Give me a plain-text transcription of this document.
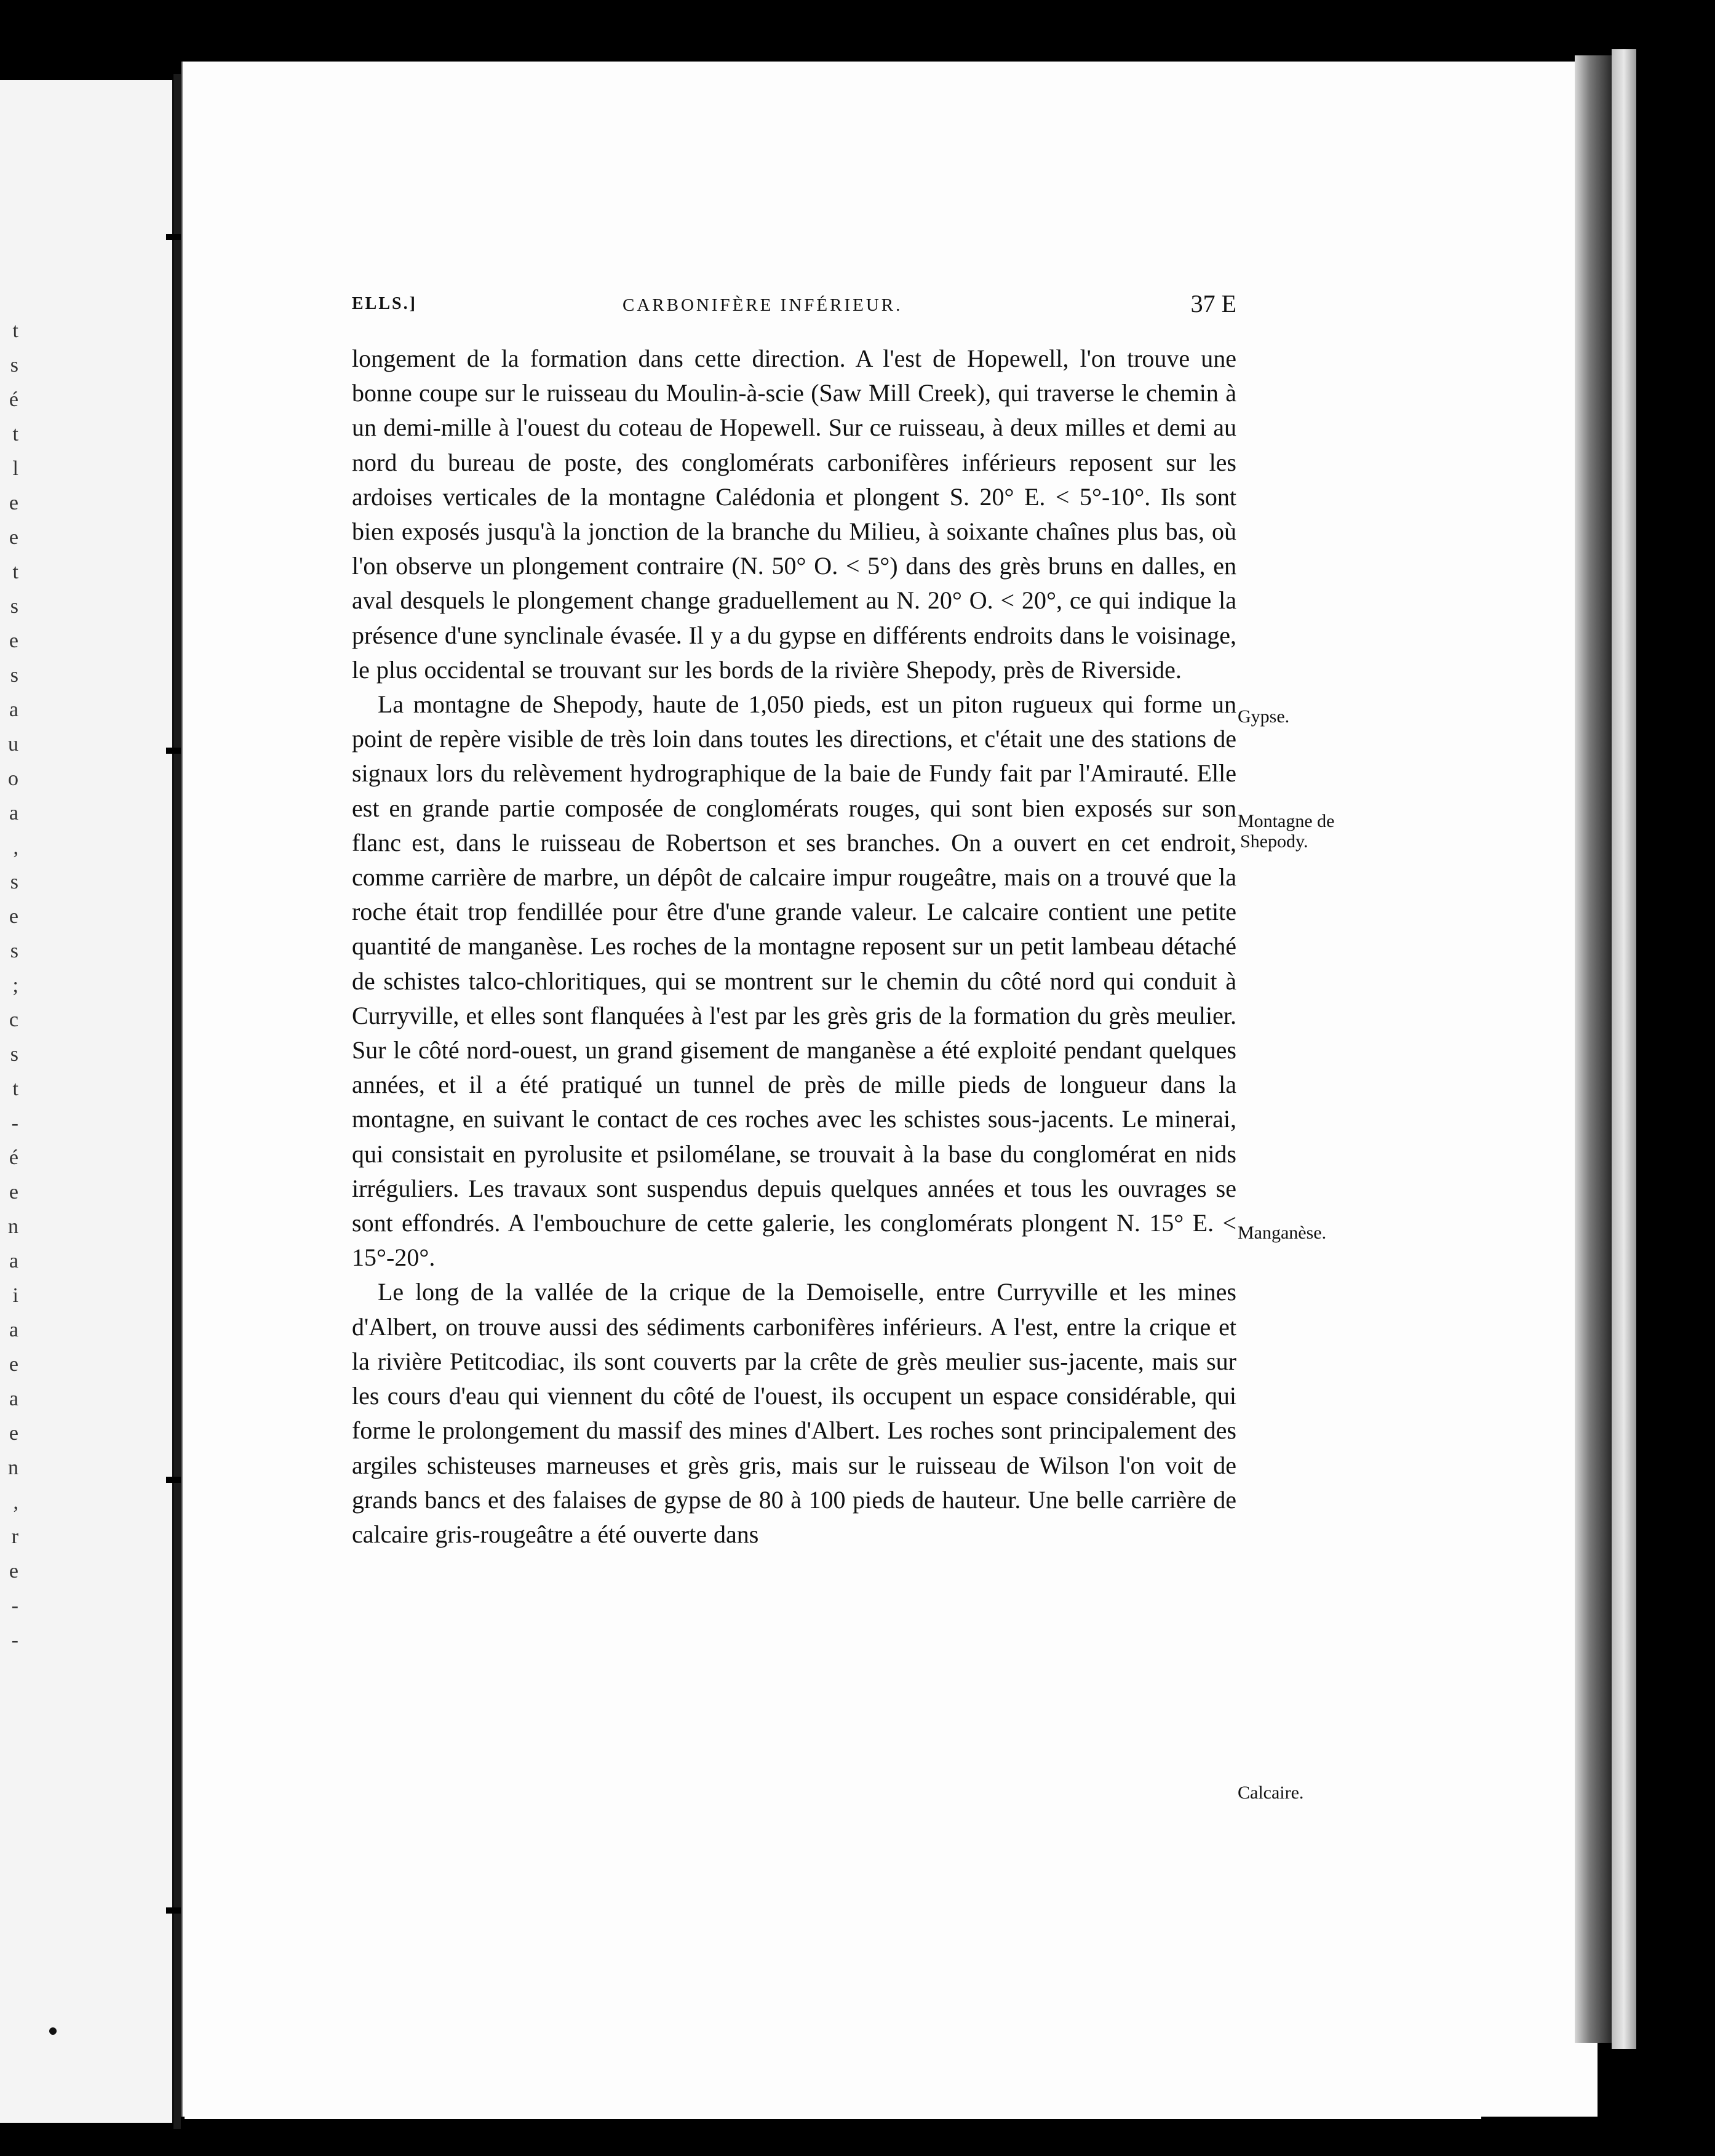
t
s
é
t
l
e
e
t
s
e
s
a
u
o
a
,
s
e
s
;
c
s
t
-
é
e
n
a
i
a
e
a
e
n
,
r
e
-
-
ELLS.]	CARBONIFÈRE INFÉRIEUR.	37 E

longement de la formation dans cette direction. A l'est de Hopewell, l'on trouve une bonne coupe sur le ruisseau du Moulin-à-scie (Saw Mill Creek), qui traverse le chemin à un demi-mille à l'ouest du coteau de Hopewell. Sur ce ruisseau, à deux milles et demi au nord du bureau de poste, des conglomérats carbonifères inférieurs reposent sur les ardoises verticales de la montagne Calédonia et plongent S. 20° E. < 5°-10°. Ils sont bien exposés jusqu'à la jonction de la branche du Milieu, à soixante chaînes plus bas, où l'on observe un plongement contraire (N. 50° O. < 5°) dans des grès bruns en dalles, en aval desquels le plongement change graduellement au N. 20° O. < 20°, ce qui indique la présence d'une synclinale évasée. Il y a du gypse en différents endroits dans le voisinage, le plus occidental se trouvant sur les bords de la rivière Shepody, près de Riverside.

La montagne de Shepody, haute de 1,050 pieds, est un piton rugueux qui forme un point de repère visible de très loin dans toutes les directions, et c'était une des stations de signaux lors du relèvement hydrographique de la baie de Fundy fait par l'Amirauté. Elle est en grande partie composée de conglomérats rouges, qui sont bien exposés sur son flanc est, dans le ruisseau de Robertson et ses branches. On a ouvert en cet endroit, comme carrière de marbre, un dépôt de calcaire impur rougeâtre, mais on a trouvé que la roche était trop fendillée pour être d'une grande valeur. Le calcaire contient une petite quantité de manganèse. Les roches de la montagne reposent sur un petit lambeau détaché de schistes talco-chloritiques, qui se montrent sur le chemin du côté nord qui conduit à Curryville, et elles sont flanquées à l'est par les grès gris de la formation du grès meulier. Sur le côté nord-ouest, un grand gisement de manganèse a été exploité pendant quelques années, et il a été pratiqué un tunnel de près de mille pieds de longueur dans la montagne, en suivant le contact de ces roches avec les schistes sous-jacents. Le minerai, qui consistait en pyrolusite et psilomélane, se trouvait à la base du conglomérat en nids irréguliers. Les travaux sont suspendus depuis quelques années et tous les ouvrages se sont effondrés. A l'embouchure de cette galerie, les conglomérats plongent N. 15° E. < 15°-20°.

Le long de la vallée de la crique de la Demoiselle, entre Curryville et les mines d'Albert, on trouve aussi des sédiments carbonifères inférieurs. A l'est, entre la crique et la rivière Petitcodiac, ils sont couverts par la crête de grès meulier sus-jacente, mais sur les cours d'eau qui viennent du côté de l'ouest, ils occupent un espace considérable, qui forme le prolongement du massif des mines d'Albert. Les roches sont principalement des argiles schisteuses marneuses et grès gris, mais sur le ruisseau de Wilson l'on voit de grands bancs et des falaises de gypse de 80 à 100 pieds de hauteur. Une belle carrière de calcaire gris-rougeâtre a été ouverte dans

Gypse.
Montagne de
Shepody.
Manganèse.
Calcaire.
